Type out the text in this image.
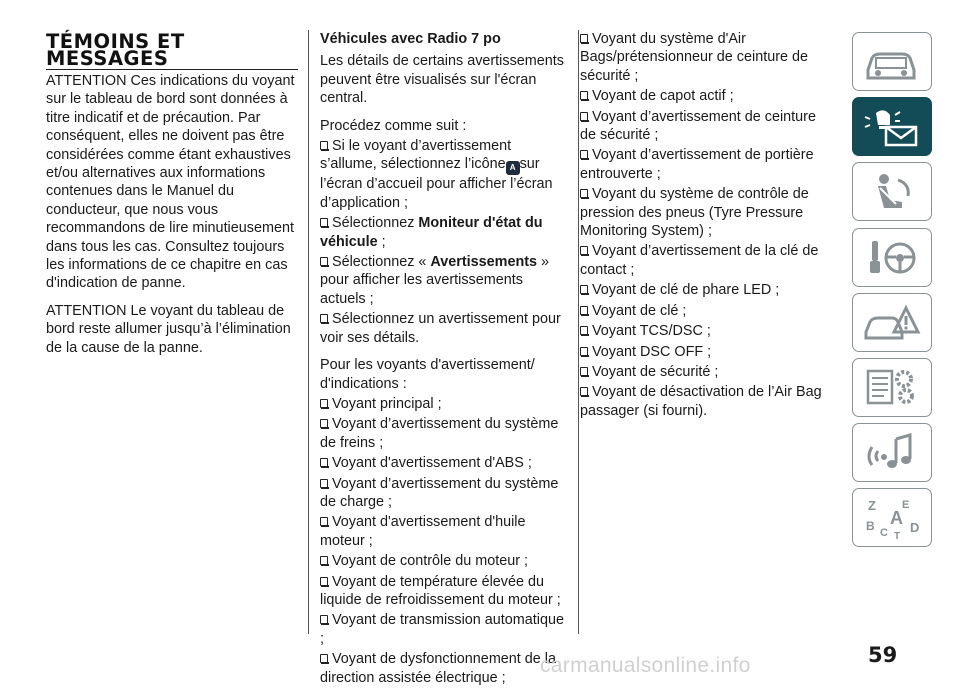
TÉMOINS ET MESSAGES

ATTENTION Ces indications du voyant sur le tableau de bord sont données à titre indicatif et de précaution. Par conséquent, elles ne doivent pas être considérées comme étant exhaustives et/ou alternatives aux informations contenues dans le Manuel du conducteur, que nous vous recommandons de lire minutieusement dans tous les cas. Consultez toujours les informations de ce chapitre en cas d'indication de panne.

ATTENTION Le voyant du tableau de bord reste allumer jusqu’à l’élimination de la cause de la panne.

Véhicules avec Radio 7 po

Les détails de certains avertissements peuvent être visualisés sur l'écran central.

Procédez comme suit :

Si le voyant d’avertissement s’allume, sélectionnez l’icône A sur l’écran d’accueil pour afficher l’écran d’application ;
Sélectionnez Moniteur d'état du véhicule ;
Sélectionnez « Avertissements » pour afficher les avertissements actuels ;
Sélectionnez un avertissement pour voir ses détails.

Pour les voyants d'avertissement/ d'indications :

Voyant principal ;
Voyant d’avertissement du système de freins ;
Voyant d'avertissement d'ABS ;
Voyant d’avertissement du système de charge ;
Voyant d'avertissement d'huile moteur ;
Voyant de contrôle du moteur ;
Voyant de température élevée du liquide de refroidissement du moteur ;
Voyant de transmission automatique ;
Voyant de dysfonctionnement de la direction assistée électrique ;
Voyant du système d'Air Bags/prétensionneur de ceinture de sécurité ;
Voyant de capot actif ;
Voyant d’avertissement de ceinture de sécurité ;
Voyant d’avertissement de portière entrouverte ;
Voyant du système de contrôle de pression des pneus (Tyre Pressure Monitoring System) ;
Voyant d’avertissement de la clé de contact ;
Voyant de clé de phare LED ;
Voyant de clé ;
Voyant TCS/DSC ;
Voyant DSC OFF ;
Voyant de sécurité ;
Voyant de désactivation de l’Air Bag passager (si fourni).
Z E
A
B C D
T
59
carmanualsonline.info
